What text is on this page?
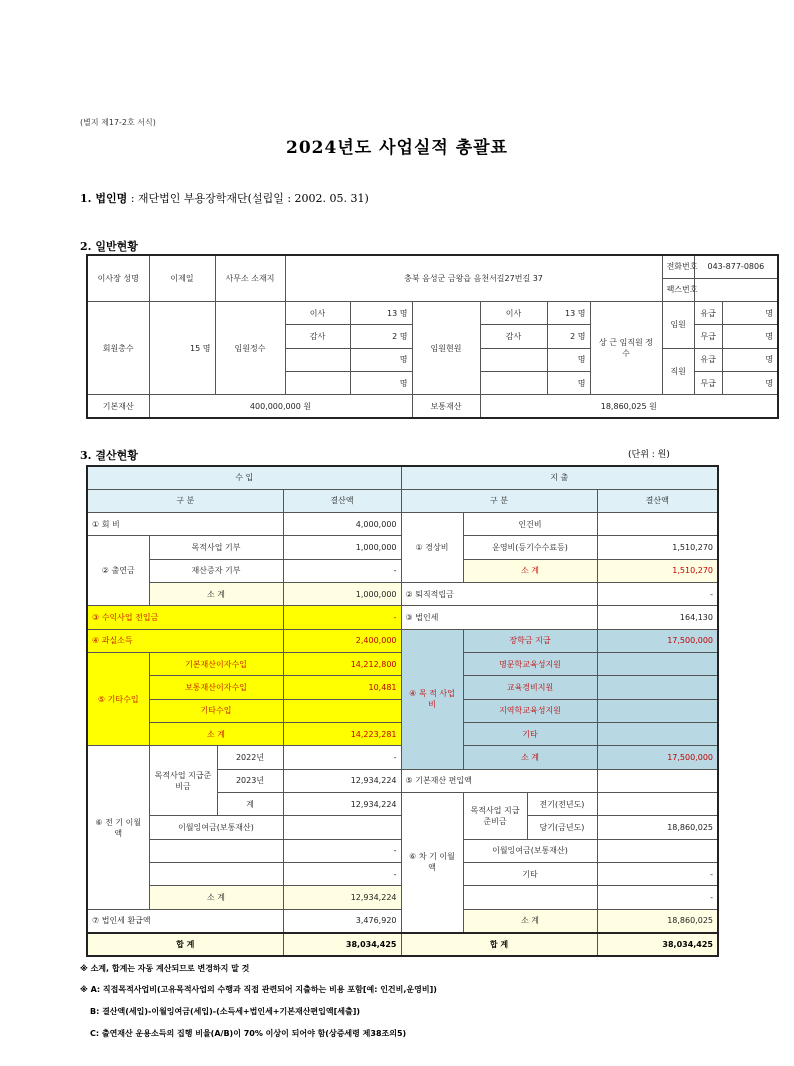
(별지 제17-2호 서식)
2024년도 사업실적 총괄표
1. 법인명 : 재단법인 부용장학재단(설립일 : 2002. 05. 31)
2. 일반현황
이사장 성명	이제일	사무소 소재지	충북 음성군 금왕읍 음천서길27번길 37						전화번호	043-877-0806	
									팩스번호		
회원총수	15 명	임원정수	이사	13 명	임원현원	이사	13 명	상 근 임직원 정 수	임원	유급	명
			감사	2 명		감사	2 명			무급	명
				명			명		직원	유급	명
				명			명			무급	명
기본재산	400,000,000 원				보통재산	18,860,025 원					
3. 결산현황	(단위 : 원)
수 입				지 출			
구 분			결산액	구 분			결산액
① 회 비			4,000,000	① 경상비	인건비		
② 출연금	목적사업 기부		1,000,000		운영비(등기수수료등)		1,510,270
	재산증자 기부		-		소 계		1,510,270
	소 계		1,000,000	② 퇴직적립금			-
③ 수익사업 전입금			-	③ 법인세			164,130
④ 과실소득			2,400,000	④ 목 적 사업비	장학금 지급		17,500,000
⑤ 기타수입	기본재산이자수입		14,212,800		명문학교육성지원		
	보통재산이자수입		10,481		교육경비지원		
	기타수입				지역학교육성지원		
	소 계		14,223,281		기타		
⑥ 전 기 이월액	목적사업 지급준비금	2022년	-		소 계		17,500,000
		2023년	12,934,224	⑤ 기본재산 편입액			
		계	12,934,224	⑥ 차 기 이월액	목적사업 지급준비금	전기(전년도)	
	이월잉여금(보통재산)					당기(금년도)	18,860,025
			-		이월잉여금(보통재산)		
			-		기타		-
	소 계		12,934,224				-
⑦ 법인세 환급액			3,476,920		소 계		18,860,025
합 계			38,034,425	합 계			38,034,425
※ 소계, 합계는 자동 계산되므로 변경하지 말 것
※ A: 직접목적사업비(고유목적사업의 수행과 직접 관련되어 지출하는 비용 포함[예: 인건비,운영비])
B: 결산액(세입)-이월잉여금(세입)-(소득세+법인세+기본재산편입액[세출])
C: 출연재산 운용소득의 집행 비율(A/B)이 70% 이상이 되어야 함(상증세령 제38조의5)
